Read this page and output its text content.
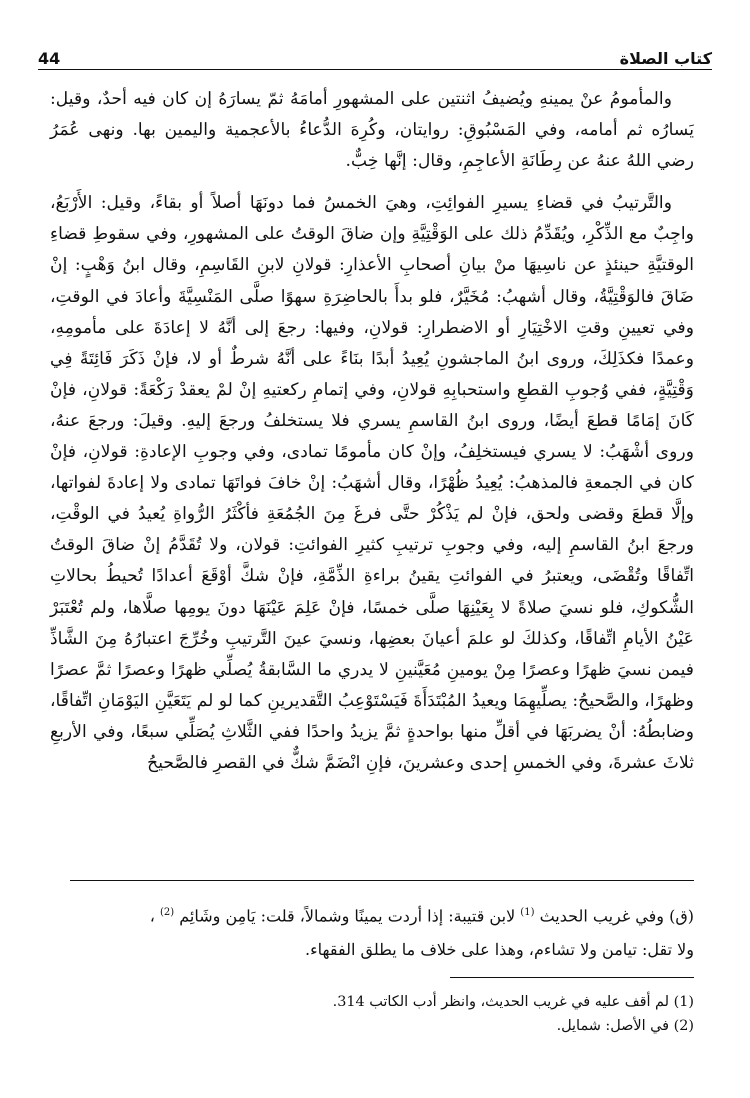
44	كتاب الصلاة

والمأمومُ عنْ يمينهِ ويُضيفُ اثنتين على المشهورِ أمامَهُ ثمّ يسارَهُ إن كان فيه أحدٌ، وقيل: يَسارُه ثم أمامه، وفي المَسْبُوقِ: روايتان، وكُرِهَ الدُّعاءُ بالأعجمية واليمين بها. ونهى عُمَرُ رضي اللهُ عنهُ عن رِطَانَةِ الأعاجِمِ، وقال: إنَّها خِبٌّ.

والتَّرتيبُ في قضاءِ يسيرِ الفوائِتِ، وهيَ الخمسُ فما دونَهَا أصلاً أو بقاءً، وقيل: الأَرْبَعُ، واجِبٌ مع الذِّكْرِ، ويُقَدِّمُ ذلك على الوَقْتِيَّةِ وإن ضاقَ الوقتُ على المشهورِ، وفي سقوطِ قضاءِ الوقتيَّةِ حينئذٍ عن ناسِيهَا منْ بيانِ أصحابِ الأعذارِ: قولانِ لابنِ القَاسِمِ، وقال ابنُ وَهْبٍ: إنْ ضَاقَ فالوَقْتِيَّةُ، وقال أشهبُ: مُخَيَّرٌ، فلو بدأَ بالحاضِرَةِ سهوًا صلَّى المَنْسِيَّةَ وأعادَ في الوقتِ، وفي تعيينِ وقتِ الاخْتِيَارِ أو الاضطرارِ: قولانِ، وفيها: رجعَ إلى أنَّهُ لا إعادَةَ على مأمومِهِ، وعمدًا فكذَلِكَ، وروى ابنُ الماجشونِ يُعِيدُ أبدًا بنَاءً على أنَّهُ شرطٌ أو لا، فإنْ ذَكَرَ فَائِتَةً فِي وَقْتِيَّةٍ، ففي وُجوبِ القطعِ واستحبابِهِ قولانِ، وفي إتمامِ ركعتيهِ إنْ لمْ يعقدْ رَكْعَةً: قولانِ، فإنْ كَانَ إمَامًا قطعَ أيضًا، وروى ابنُ القاسمِ يسري فلا يستخلفُ ورجعَ إليهِ. وقيلَ: ورجعَ عنهُ، وروى أشْهَبُ: لا يسري فيستخلِفُ، وإنْ كان مأمومًا تمادى، وفي وجوبِ الإعادةِ: قولانِ، فإنْ كان في الجمعةِ فالمذهبُ: يُعِيدُ ظُهْرًا، وقال أشهَبُ: إنْ خافَ فواتَهَا تمادى ولا إعادةَ لفواتها، وإلَّا قطعَ وقضى ولحق، فإنْ لم يَذْكُرْ حتَّى فرغَ مِنَ الجُمُعَةِ فأكْثَرُ الرُّواةِ يُعيدُ في الوقْتِ، ورجعَ ابنُ القاسمِ إليه، وفي وجوبِ ترتيبِ كثيرِ الفوائتِ: قولان، ولا تُقَدَّمُ إنْ ضاقَ الوقتُ اتِّفاقًا وتُقْضَى، ويعتبرُ في الفوائتِ يقينُ براءةِ الذِّمَّةِ، فإنْ شكَّ أوْقَعَ أعدادًا تُحيطُ بحالاتِ الشُّكوكِ، فلو نسيَ صلاةً لا بِعَيْنِهَا صلَّى خمسًا، فإنْ عَلِمَ عَيْنَهَا دونَ يومِها صلَّاها، ولم تُعْتَبَرْ عَيْنُ الأيامِ اتِّفاقًا، وكذلكَ لو علمَ أعيانَ بعضِها، ونسيَ عينَ التَّرتيبِ وخُرِّجَ اعتبارُهُ مِنَ الشَّاذِّ فيمن نسيَ ظهرًا وعصرًا مِنْ يومينِ مُعَيَّنينِ لا يدري ما السَّابقةُ يُصلِّي ظهرًا وعصرًا ثمَّ عصرًا وظهرًا، والصَّحيحُ: يصلِّيهِمَا ويعيدُ المُبْتَدَأَةَ فَيَسْتَوْعِبُ التَّقديرينِ كما لو لم يَتَعَيَّنِ اليَوْمَانِ اتِّفاقًا، وضابطُهُ: أنْ يضربَهَا في أقلِّ منها بواحدةٍ ثمَّ يزيدُ واحدًا ففي الثَّلاثِ يُصَلِّي سبعًا، وفي الأربعِ ثلاثَ عشرةَ، وفي الخمسِ إحدى وعشرينَ، فإنِ انْضَمَّ شكٌّ في القصرِ فالصَّحيحُ

(ق) وفي غريب الحديث $^{(1)}$ لابن قتيبة: إذا أردت يمينًا وشمالاً، قلت: يَامِن وشَائِم $^{(2)}$ ،
ولا تقل: تيامن ولا تشاءم، وهذا على خلاف ما يطلق الفقهاء.
(1) لم أقف عليه في غريب الحديث، وانظر أدب الكاتب 314.
(2) في الأصل: شمايل.
